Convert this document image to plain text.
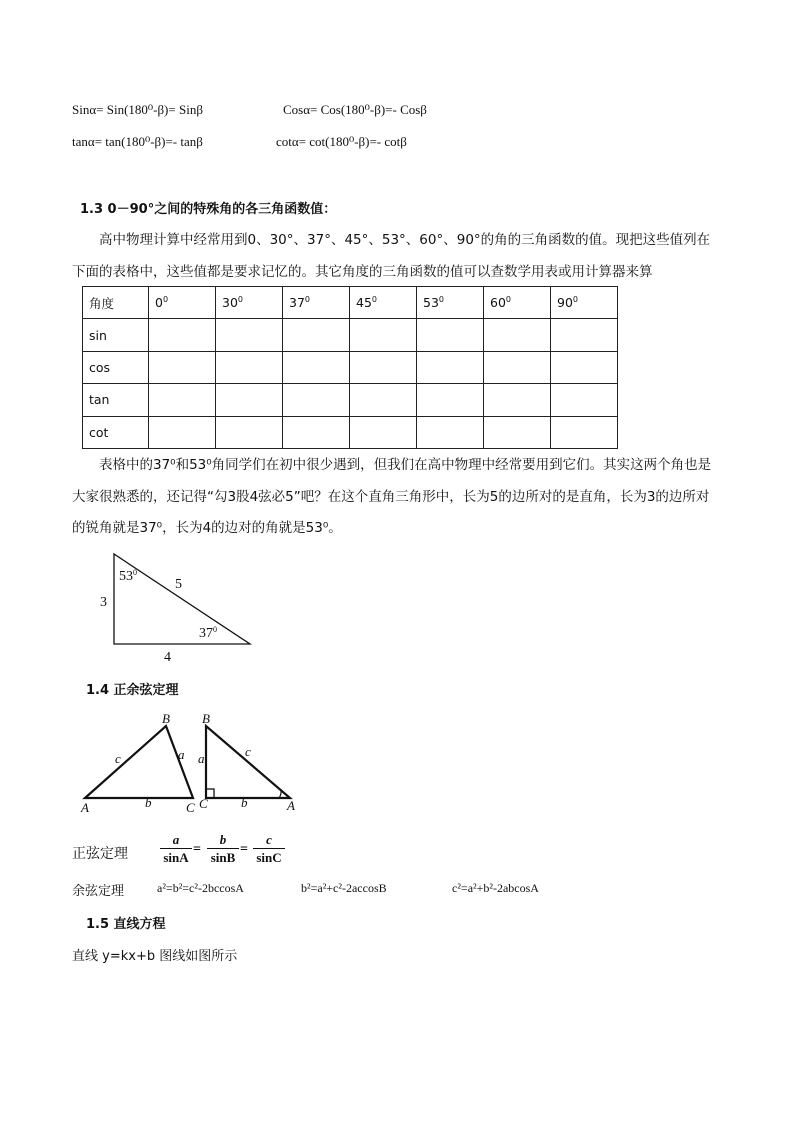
Sinα= Sin(180⁰-β)= Sinβ	Cosα= Cos(180⁰-β)=- Cosβ
tanα= tan(180⁰-β)=- tanβ	cotα= cot(180⁰-β)=- cotβ
1.3 0－90°之间的特殊角的各三角函数值：
高中物理计算中经常用到0、30°、37°、45°、53°、60°、90°的角的三角函数的值。现把这些值列在下面的表格中，这些值都是要求记忆的。其它角度的三角函数的值可以查数学用表或用计算器来算
角度	$0^0$	$30^0$	$37^0$	$45^0$	$53^0$	$60^0$	$90^0$
sin							
cos							
tan							
cot							
表格中的37⁰和53⁰角同学们在初中很少遇到，但我们在高中物理中经常要用到它们。其实这两个角也是大家很熟悉的，还记得“勾3股4弦必5”吧？在这个直角三角形中，长为5的边所对的是直角，长为3的边所对的锐角就是37⁰，长为4的边对的角就是53⁰。
$53^0$
$37^0$
3
5
4
1.4 正余弦定理
A
B
C
a
b
c
B
C	A
a
b
c
正弦定理
a
sinA
=
b
sinB
=
c
sinC
余弦定理	a²=b²=c²-2bccosA	b²=a²+c²-2accosB	c²=a²+b²-2abcosA
1.5 直线方程
直线 y=kx+b 图线如图所示
